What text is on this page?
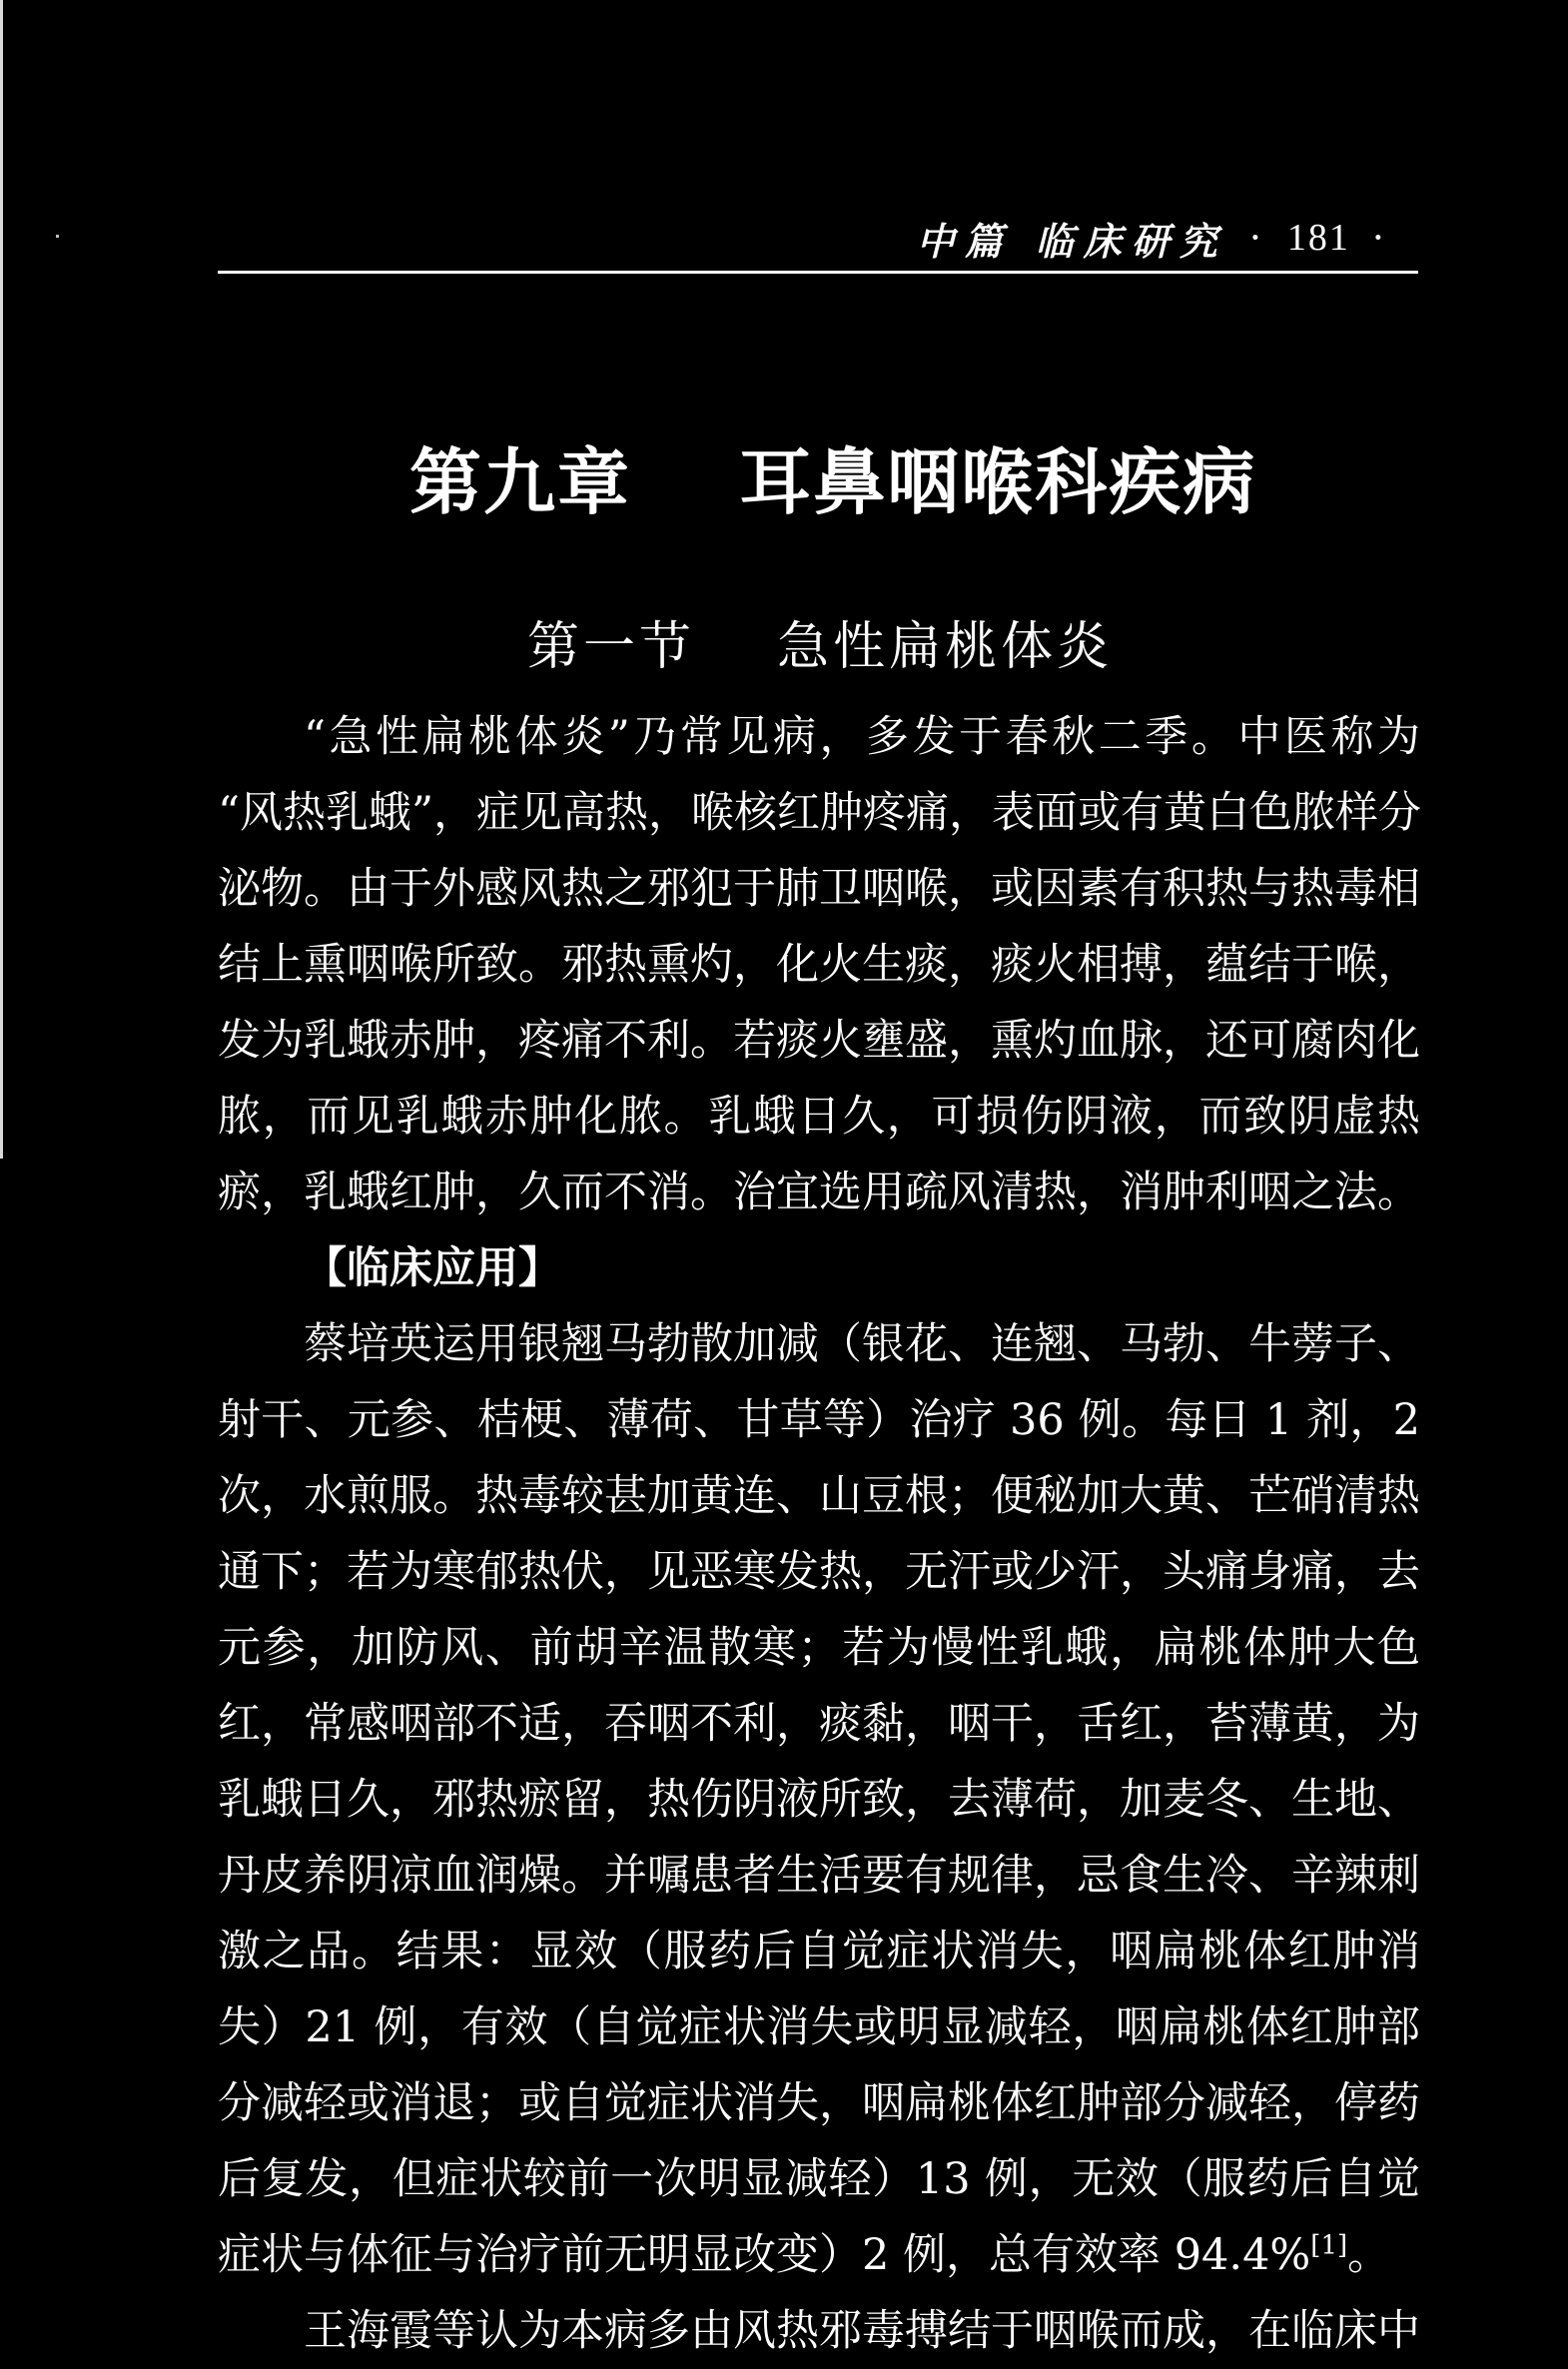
中篇 临床研究 · 181 ·
第九章    耳鼻咽喉科疾病
第一节    急性扁桃体炎
“急性扁桃体炎”乃常见病，多发于春秋二季。中医称为
“风热乳蛾”，症见高热，喉核红肿疼痛，表面或有黄白色脓样分
泌物。由于外感风热之邪犯于肺卫咽喉，或因素有积热与热毒相
结上熏咽喉所致。邪热熏灼，化火生痰，痰火相搏，蕴结于喉，
发为乳蛾赤肿，疼痛不利。若痰火壅盛，熏灼血脉，还可腐肉化
脓，而见乳蛾赤肿化脓。乳蛾日久，可损伤阴液，而致阴虚热
瘀，乳蛾红肿，久而不消。治宜选用疏风清热，消肿利咽之法。
【临床应用】
蔡培英运用银翘马勃散加减（银花、连翘、马勃、牛蒡子、
射干、元参、桔梗、薄荷、甘草等）治疗 36 例。每日 1 剂，2
次，水煎服。热毒较甚加黄连、山豆根；便秘加大黄、芒硝清热
通下；若为寒郁热伏，见恶寒发热，无汗或少汗，头痛身痛，去
元参，加防风、前胡辛温散寒；若为慢性乳蛾，扁桃体肿大色
红，常感咽部不适，吞咽不利，痰黏，咽干，舌红，苔薄黄，为
乳蛾日久，邪热瘀留，热伤阴液所致，去薄荷，加麦冬、生地、
丹皮养阴凉血润燥。并嘱患者生活要有规律，忌食生冷、辛辣刺
激之品。结果：显效（服药后自觉症状消失，咽扁桃体红肿消
失）21 例，有效（自觉症状消失或明显减轻，咽扁桃体红肿部
分减轻或消退；或自觉症状消失，咽扁桃体红肿部分减轻，停药
后复发，但症状较前一次明显减轻）13 例，无效（服药后自觉
症状与体征与治疗前无明显改变）2 例，总有效率 94.4%[1]。
王海霞等认为本病多由风热邪毒搏结于咽喉而成，在临床中
